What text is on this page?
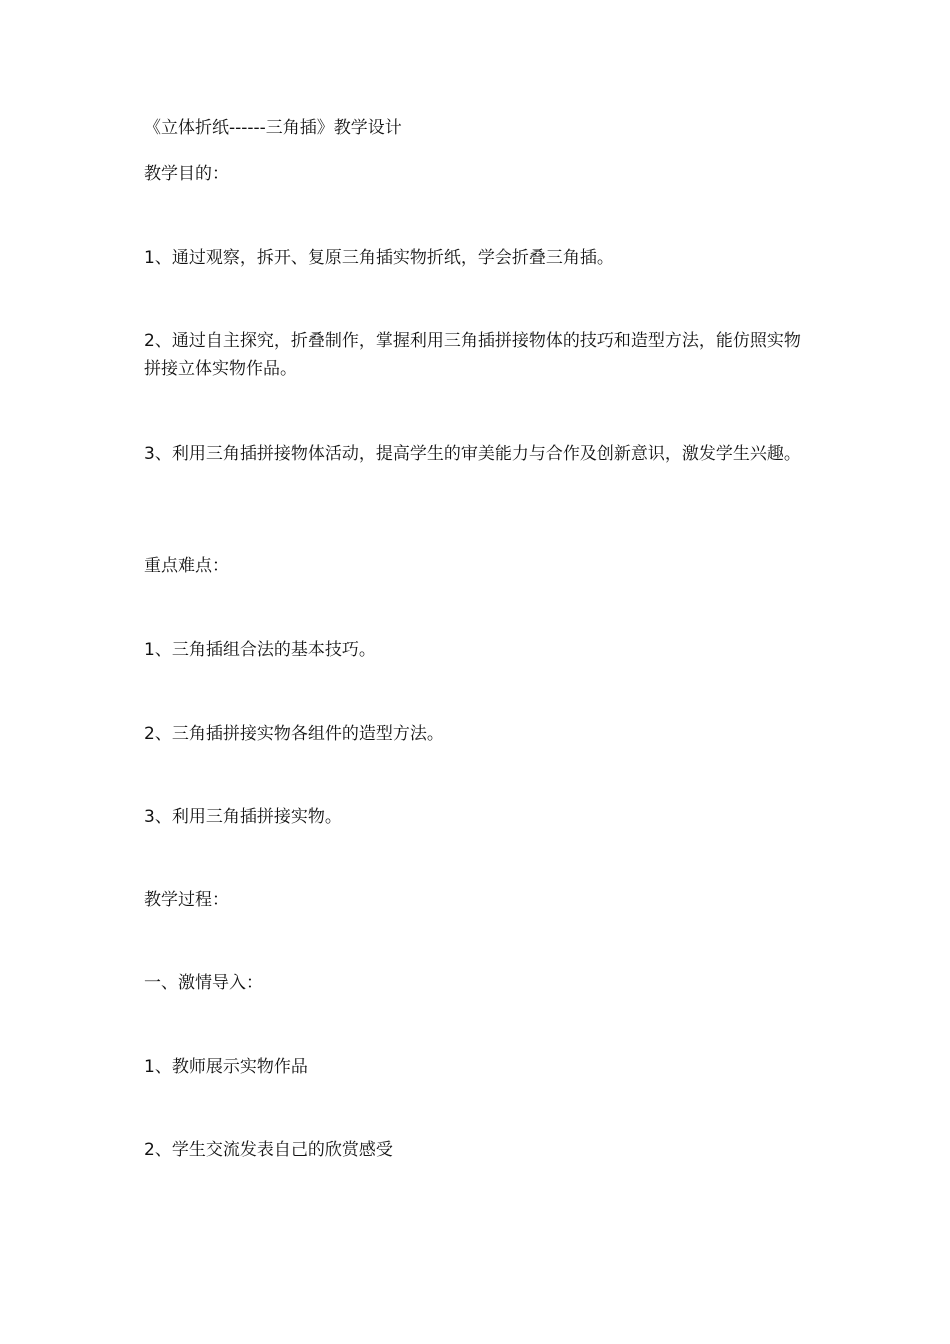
《立体折纸------三角插》教学设计

教学目的：

1、通过观察，拆开、复原三角插实物折纸，学会折叠三角插。

2、通过自主探究，折叠制作，掌握利用三角插拼接物体的技巧和造型方法，能仿照实物拼接立体实物作品。

3、利用三角插拼接物体活动，提高学生的审美能力与合作及创新意识，激发学生兴趣。

重点难点：

1、三角插组合法的基本技巧。

2、三角插拼接实物各组件的造型方法。

3、利用三角插拼接实物。

教学过程：

一、激情导入：

1、教师展示实物作品

2、学生交流发表自己的欣赏感受
